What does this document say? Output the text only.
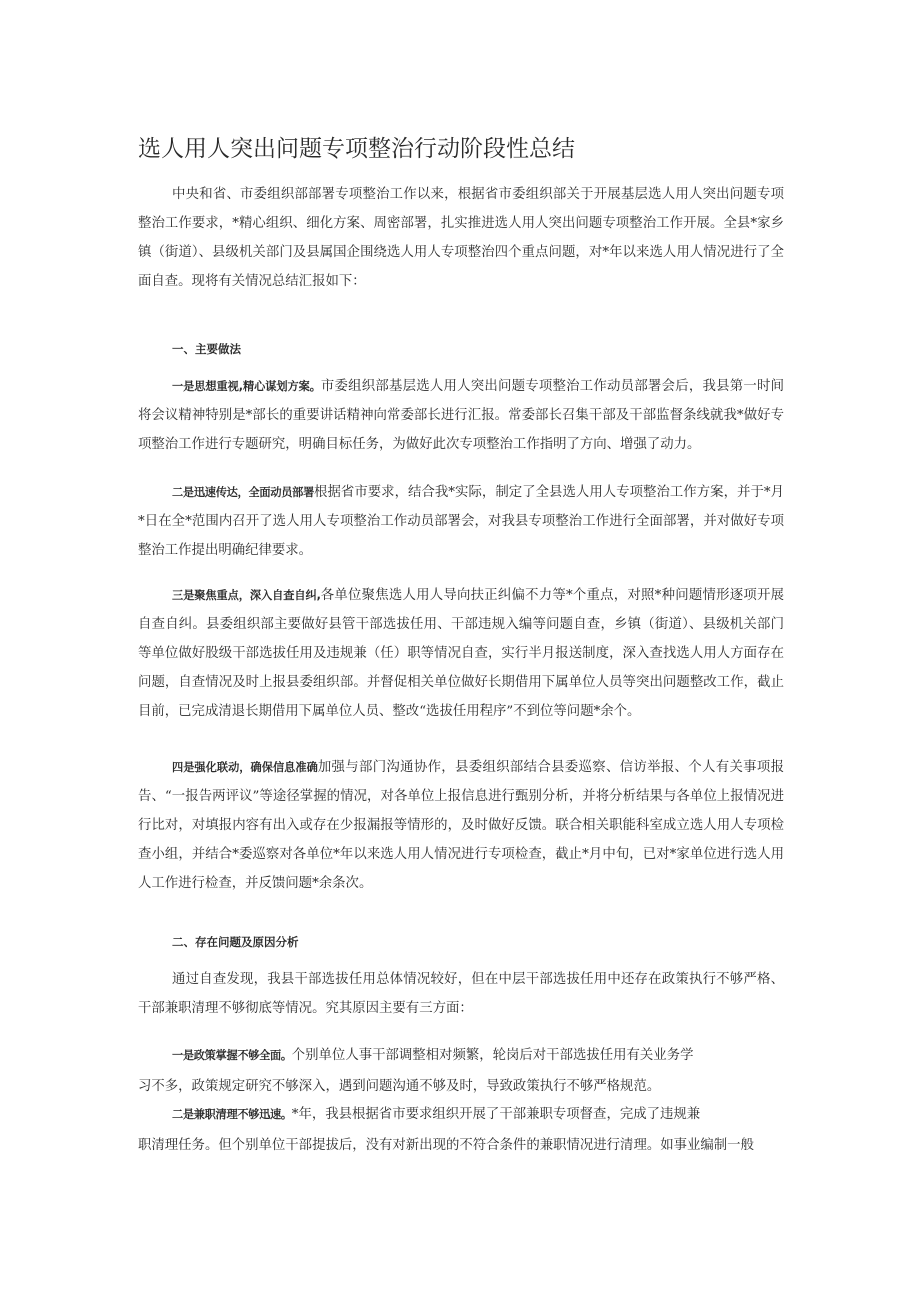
选人用人突出问题专项整治行动阶段性总结
中央和省、市委组织部部署专项整治工作以来，根据省市委组织部关于开展基层选人用人突出问题专项整治工作要求，*精心组织、细化方案、周密部署，扎实推进选人用人突出问题专项整治工作开展。全县*家乡镇（街道）、县级机关部门及县属国企围绕选人用人专项整治四个重点问题，对*年以来选人用人情况进行了全面自查。现将有关情况总结汇报如下：
一、主要做法
一是思想重视,精心谋划方案。市委组织部基层选人用人突出问题专项整治工作动员部署会后，我县第一时间将会议精神特别是*部长的重要讲话精神向常委部长进行汇报。常委部长召集干部及干部监督条线就我*做好专项整治工作进行专题研究，明确目标任务，为做好此次专项整治工作指明了方向、增强了动力。
二是迅速传达，全面动员部署根据省市要求，结合我*实际，制定了全县选人用人专项整治工作方案，并于*月*日在全*范围内召开了选人用人专项整治工作动员部署会，对我县专项整治工作进行全面部署，并对做好专项整治工作提出明确纪律要求。
三是聚焦重点，深入自查自纠,各单位聚焦选人用人导向扶正纠偏不力等*个重点，对照*种问题情形逐项开展自查自纠。县委组织部主要做好县管干部选拔任用、干部违规入编等问题自查，乡镇（街道）、县级机关部门等单位做好股级干部选拔任用及违规兼（任）职等情况自查，实行半月报送制度，深入查找选人用人方面存在问题，自查情况及时上报县委组织部。并督促相关单位做好长期借用下属单位人员等突出问题整改工作，截止目前，已完成清退长期借用下属单位人员、整改“选拔任用程序”不到位等问题*余个。
四是强化联动，确保信息准确加强与部门沟通协作，县委组织部结合县委巡察、信访举报、个人有关事项报告、“一报告两评议”等途径掌握的情况，对各单位上报信息进行甄别分析，并将分析结果与各单位上报情况进行比对，对填报内容有出入或存在少报漏报等情形的，及时做好反馈。联合相关职能科室成立选人用人专项检查小组，并结合*委巡察对各单位*年以来选人用人情况进行专项检查，截止*月中旬，已对*家单位进行选人用人工作进行检查，并反馈问题*余条次。
二、存在问题及原因分析
通过自查发现，我县干部选拔任用总体情况较好，但在中层干部选拔任用中还存在政策执行不够严格、干部兼职清理不够彻底等情况。究其原因主要有三方面：
一是政策掌握不够全面。个别单位人事干部调整相对频繁，轮岗后对干部选拔任用有关业务学
习不多，政策规定研究不够深入，遇到问题沟通不够及时，导致政策执行不够严格规范。
二是兼职清理不够迅速。*年，我县根据省市要求组织开展了干部兼职专项督查，完成了违规兼
职清理任务。但个别单位干部提拔后，没有对新出现的不符合条件的兼职情况进行清理。如事业编制一般
